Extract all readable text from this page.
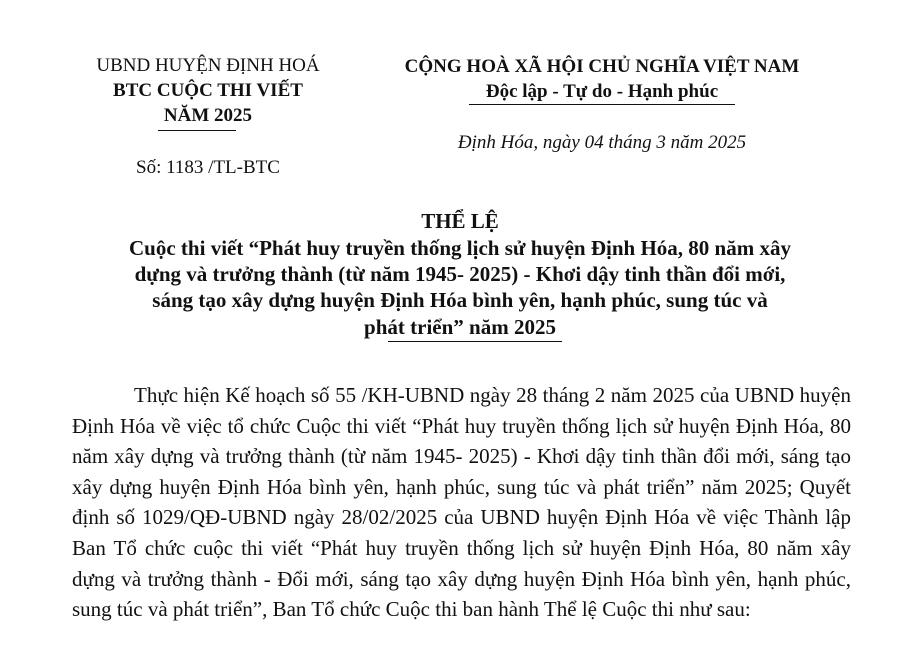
UBND HUYỆN ĐỊNH HOÁ
BTC CUỘC THI VIẾT
NĂM 2025
Số: 1183 /TL-BTC
CỘNG HOÀ XÃ HỘI CHỦ NGHĨA VIỆT NAM
Độc lập - Tự do - Hạnh phúc
Định Hóa, ngày 04 tháng 3 năm 2025
THỂ LỆ
Cuộc thi viết “Phát huy truyền thống lịch sử huyện Định Hóa, 80 năm xây
dựng và trưởng thành (từ năm 1945- 2025) - Khơi dậy tinh thần đổi mới,
sáng tạo xây dựng huyện Định Hóa bình yên, hạnh phúc, sung túc và
phát triển” năm 2025

Thực hiện Kế hoạch số 55 /KH-UBND ngày 28 tháng 2 năm 2025 của UBND huyện Định Hóa về việc tổ chức Cuộc thi viết “Phát huy truyền thống lịch sử huyện Định Hóa, 80 năm xây dựng và trưởng thành (từ năm 1945- 2025) - Khơi dậy tinh thần đổi mới, sáng tạo xây dựng huyện Định Hóa bình yên, hạnh phúc, sung túc và phát triển” năm 2025; Quyết định số 1029/QĐ-UBND ngày 28/02/2025 của UBND huyện Định Hóa về việc Thành lập Ban Tổ chức cuộc thi viết “Phát huy truyền thống lịch sử huyện Định Hóa, 80 năm xây dựng và trưởng thành - Đổi mới, sáng tạo xây dựng huyện Định Hóa bình yên, hạnh phúc, sung túc và phát triển”, Ban Tổ chức Cuộc thi ban hành Thể lệ Cuộc thi như sau:
